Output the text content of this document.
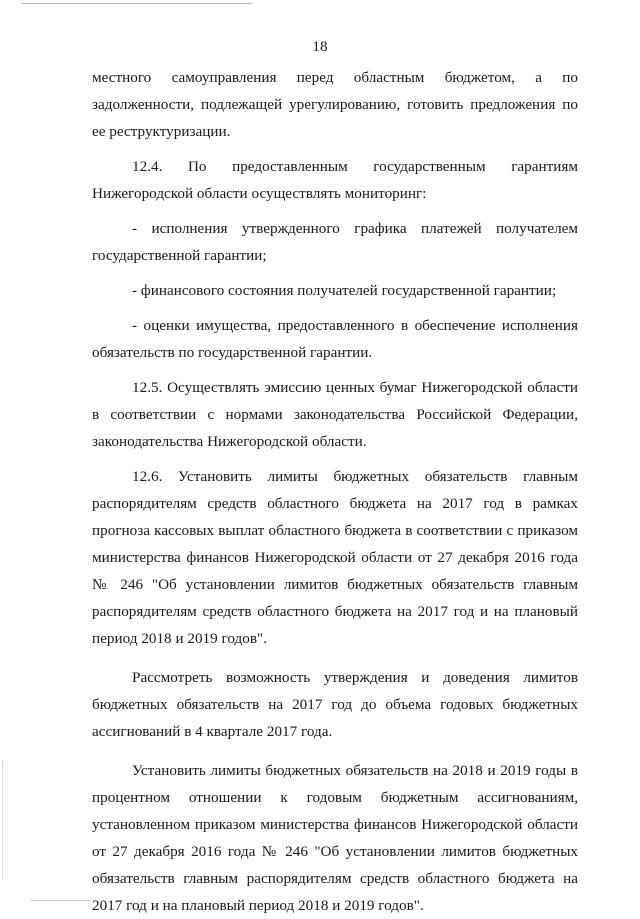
18

местного самоуправления перед областным бюджетом, а по задолженности, подлежащей урегулированию, готовить предложения по ее реструктуризации.

12.4. По предоставленным государственным гарантиям Нижегородской области осуществлять мониторинг:

- исполнения утвержденного графика платежей получателем государственной гарантии;

- финансового состояния получателей государственной гарантии;

- оценки имущества, предоставленного в обеспечение исполнения обязательств по государственной гарантии.

12.5. Осуществлять эмиссию ценных бумаг Нижегородской области в соответствии с нормами законодательства Российской Федерации, законодательства Нижегородской области.

12.6. Установить лимиты бюджетных обязательств главным распорядителям средств областного бюджета на 2017 год в рамках прогноза кассовых выплат областного бюджета в соответствии с приказом министерства финансов Нижегородской области от 27 декабря 2016 года № 246 "Об установлении лимитов бюджетных обязательств главным распорядителям средств областного бюджета на 2017 год и на плановый период 2018 и 2019 годов".

Рассмотреть возможность утверждения и доведения лимитов бюджетных обязательств на 2017 год до объема годовых бюджетных ассигнований в 4 квартале 2017 года.

Установить лимиты бюджетных обязательств на 2018 и 2019 годы в процентном отношении к годовым бюджетным ассигнованиям, установленном приказом министерства финансов Нижегородской области от 27 декабря 2016 года № 246 "Об установлении лимитов бюджетных обязательств главным распорядителям средств областного бюджета на 2017 год и на плановый период 2018 и 2019 годов".
